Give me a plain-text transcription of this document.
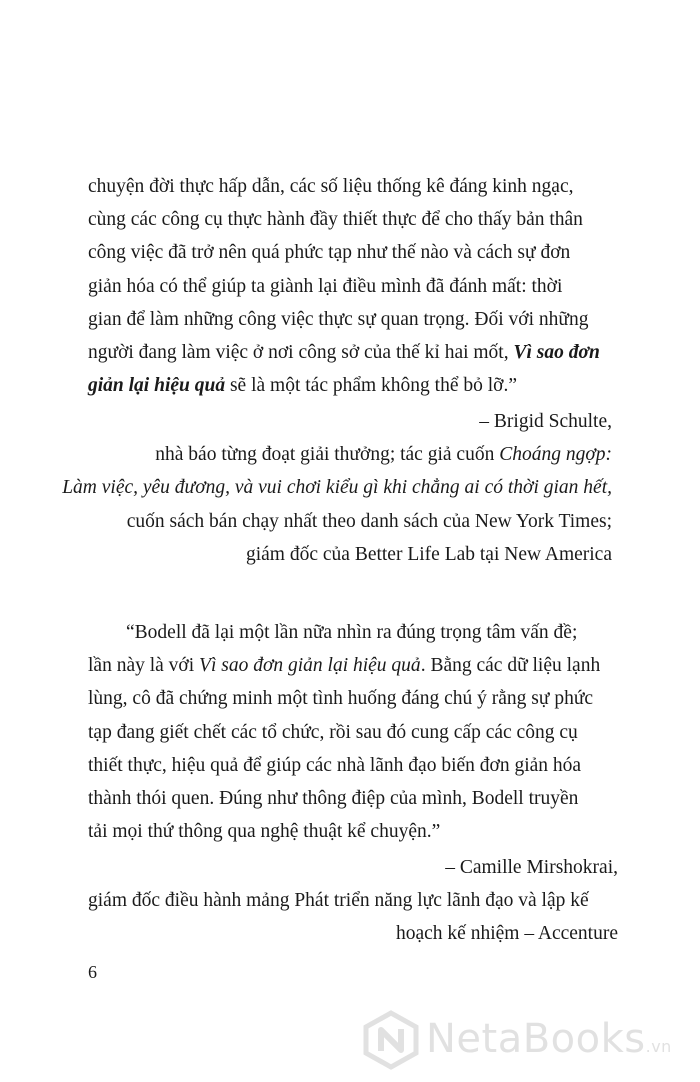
chuyện đời thực hấp dẫn, các số liệu thống kê đáng kinh ngạc,
cùng các công cụ thực hành đầy thiết thực để cho thấy bản thân
công việc đã trở nên quá phức tạp như thế nào và cách sự đơn
giản hóa có thể giúp ta giành lại điều mình đã đánh mất: thời
gian để làm những công việc thực sự quan trọng. Đối với những
người đang làm việc ở nơi công sở của thế kỉ hai mốt, Vì sao đơn
giản lại hiệu quả sẽ là một tác phẩm không thể bỏ lỡ.”

– Brigid Schulte,
nhà báo từng đoạt giải thưởng; tác giả cuốn Choáng ngợp:
Làm việc, yêu đương, và vui chơi kiểu gì khi chẳng ai có thời gian hết,
cuốn sách bán chạy nhất theo danh sách của New York Times;
giám đốc của Better Life Lab tại New America

“Bodell đã lại một lần nữa nhìn ra đúng trọng tâm vấn đề;
lần này là với Vì sao đơn giản lại hiệu quả. Bằng các dữ liệu lạnh
lùng, cô đã chứng minh một tình huống đáng chú ý rằng sự phức
tạp đang giết chết các tổ chức, rồi sau đó cung cấp các công cụ
thiết thực, hiệu quả để giúp các nhà lãnh đạo biến đơn giản hóa
thành thói quen. Đúng như thông điệp của mình, Bodell truyền
tải mọi thứ thông qua nghệ thuật kể chuyện.”

– Camille Mirshokrai,
giám đốc điều hành mảng Phát triển năng lực lãnh đạo và lập kế
hoạch kế nhiệm – Accenture

6
NetaBooks.vn
